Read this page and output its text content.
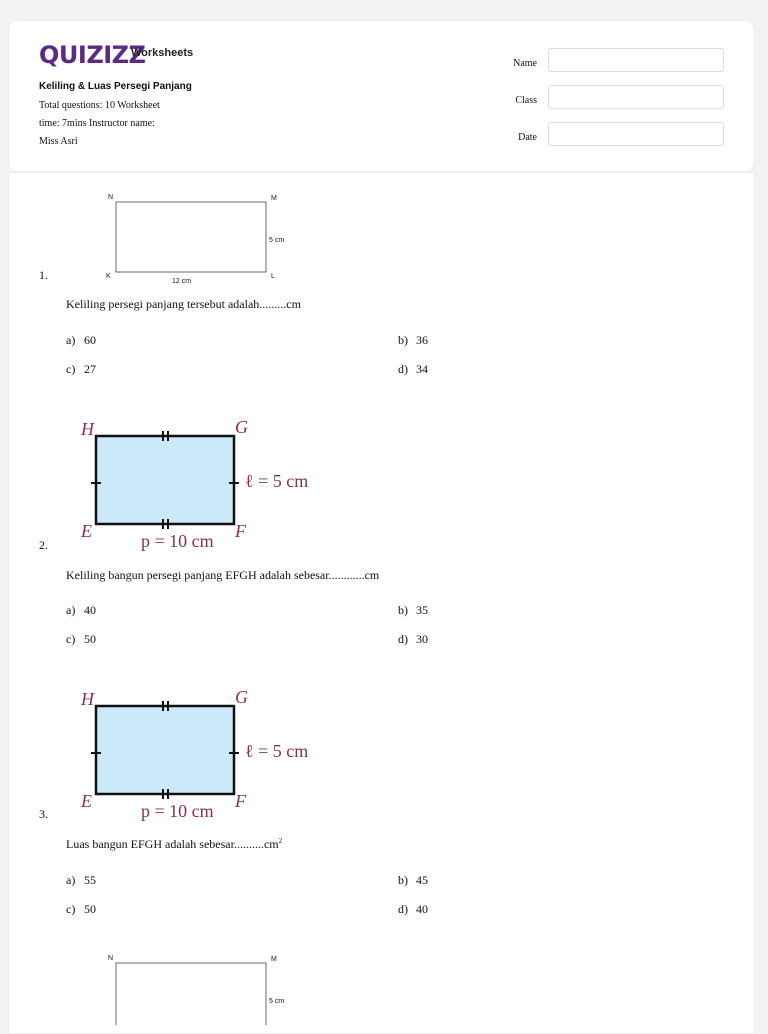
QUIZIZZ
Worksheets
Keliling & Luas Persegi Panjang
Total questions: 10 Worksheet
time: 7mins Instructor name:
Miss Asri
Name
Class
Date
N	M
K	L
5 cm
12 cm
1.
Keliling persegi panjang tersebut adalah.........cm
a) 60	b) 36
c) 27	d) 34
H	G
E	F
ℓ = 5 cm
p = 10 cm
2.
Keliling bangun persegi panjang EFGH adalah sebesar............cm
a) 40	b) 35
c) 50	d) 30
H	G
E	F
ℓ = 5 cm
p = 10 cm
3.
Luas bangun EFGH adalah $sebesar..........cm^2$
a) 55	b) 45
c) 50	d) 40
N	M
5 cm
